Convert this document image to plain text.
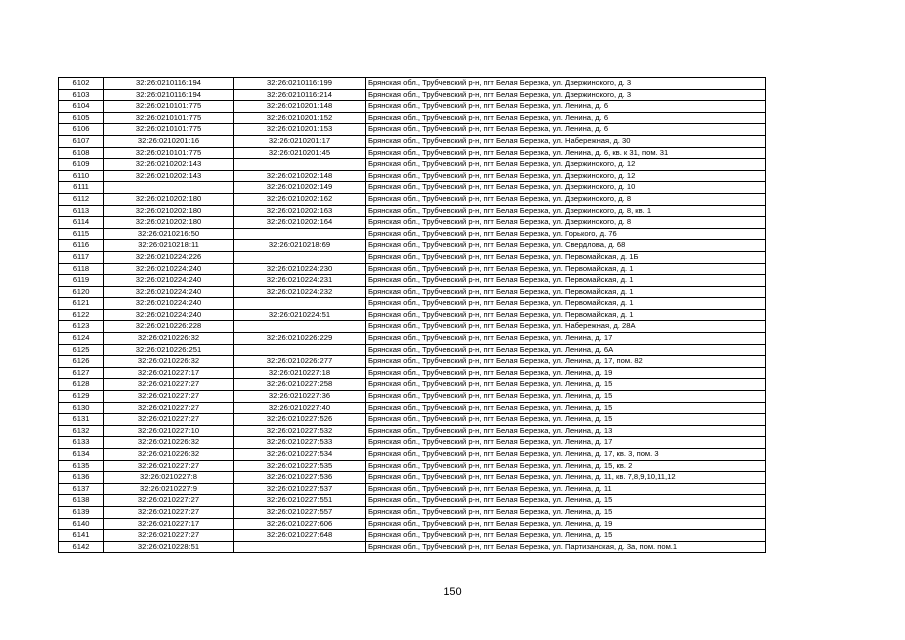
6102	32:26:0210116:194	32:26:0210116:199	Брянская обл., Трубчевский р-н, пгт Белая Березка, ул. Дзержинского, д. 3
6103	32:26:0210116:194	32:26:0210116:214	Брянская обл., Трубчевский р-н, пгт Белая Березка, ул. Дзержинского, д. 3
6104	32:26:0210101:775	32:26:0210201:148	Брянская обл., Трубчевский р-н, пгт Белая Березка, ул. Ленина, д. 6
6105	32:26:0210101:775	32:26:0210201:152	Брянская обл., Трубчевский р-н, пгт Белая Березка, ул. Ленина, д. 6
6106	32:26:0210101:775	32:26:0210201:153	Брянская обл., Трубчевский р-н, пгт Белая Березка, ул. Ленина, д. 6
6107	32:26:0210201:16	32:26:0210201:17	Брянская обл., Трубчевский р-н, пгт Белая Березка, ул. Набережная, д. 30
6108	32:26:0210101:775	32:26:0210201:45	Брянская обл., Трубчевский р-н, пгт Белая Березка, ул. Ленина, д. 6, кв. к 31, пом. 31
6109	32:26:0210202:143		Брянская обл., Трубчевский р-н, пгт Белая Березка, ул. Дзержинского, д. 12
6110	32:26:0210202:143	32:26:0210202:148	Брянская обл., Трубчевский р-н, пгт Белая Березка, ул. Дзержинского, д. 12
6111		32:26:0210202:149	Брянская обл., Трубчевский р-н, пгт Белая Березка, ул. Дзержинского, д. 10
6112	32:26:0210202:180	32:26:0210202:162	Брянская обл., Трубчевский р-н, пгт Белая Березка, ул. Дзержинского, д. 8
6113	32:26:0210202:180	32:26:0210202:163	Брянская обл., Трубчевский р-н, пгт Белая Березка, ул. Дзержинского, д. 8, кв. 1
6114	32:26:0210202:180	32:26:0210202:164	Брянская обл., Трубчевский р-н, пгт Белая Березка, ул. Дзержинского, д. 8
6115	32:26:0210216:50		Брянская обл., Трубчевский р-н, пгт Белая Березка, ул. Горького, д. 76
6116	32:26:0210218:11	32:26:0210218:69	Брянская обл., Трубчевский р-н, пгт Белая Березка, ул. Свердлова, д. 68
6117	32:26:0210224:226		Брянская обл., Трубчевский р-н, пгт Белая Березка, ул. Первомайская, д. 1Б
6118	32:26:0210224:240	32:26:0210224:230	Брянская обл., Трубчевский р-н, пгт Белая Березка, ул. Первомайская, д. 1
6119	32:26:0210224:240	32:26:0210224:231	Брянская обл., Трубчевский р-н, пгт Белая Березка, ул. Первомайская, д. 1
6120	32:26:0210224:240	32:26:0210224:232	Брянская обл., Трубчевский р-н, пгт Белая Березка, ул. Первомайская, д. 1
6121	32:26:0210224:240		Брянская обл., Трубчевский р-н, пгт Белая Березка, ул. Первомайская, д. 1
6122	32:26:0210224:240	32:26:0210224:51	Брянская обл., Трубчевский р-н, пгт Белая Березка, ул. Первомайская, д. 1
6123	32:26:0210226:228		Брянская обл., Трубчевский р-н, пгт Белая Березка, ул. Набережная, д. 28А
6124	32:26:0210226:32	32:26:0210226:229	Брянская обл., Трубчевский р-н, пгт Белая Березка, ул. Ленина, д. 17
6125	32:26:0210226:251		Брянская обл., Трубчевский р-н, пгт Белая Березка, ул. Ленина, д. 6А
6126	32:26:0210226:32	32:26:0210226:277	Брянская обл., Трубчевский р-н, пгт Белая Березка, ул. Ленина, д. 17, пом. 82
6127	32:26:0210227:17	32:26:0210227:18	Брянская обл., Трубчевский р-н, пгт Белая Березка, ул. Ленина, д. 19
6128	32:26:0210227:27	32:26:0210227:258	Брянская обл., Трубчевский р-н, пгт Белая Березка, ул. Ленина, д. 15
6129	32:26:0210227:27	32:26:0210227:36	Брянская обл., Трубчевский р-н, пгт Белая Березка, ул. Ленина, д. 15
6130	32:26:0210227:27	32:26:0210227:40	Брянская обл., Трубчевский р-н, пгт Белая Березка, ул. Ленина, д. 15
6131	32:26:0210227:27	32:26:0210227:526	Брянская обл., Трубчевский р-н, пгт Белая Березка, ул. Ленина, д. 15
6132	32:26:0210227:10	32:26:0210227:532	Брянская обл., Трубчевский р-н, пгт Белая Березка, ул. Ленина, д. 13
6133	32:26:0210226:32	32:26:0210227:533	Брянская обл., Трубчевский р-н, пгт Белая Березка, ул. Ленина, д. 17
6134	32:26:0210226:32	32:26:0210227:534	Брянская обл., Трубчевский р-н, пгт Белая Березка, ул. Ленина, д. 17, кв. 3, пом. 3
6135	32:26:0210227:27	32:26:0210227:535	Брянская обл., Трубчевский р-н, пгт Белая Березка, ул. Ленина, д. 15, кв. 2
6136	32:26:0210227:8	32:26:0210227:536	Брянская обл., Трубчевский р-н, пгт Белая Березка, ул. Ленина, д. 11, кв. 7,8,9,10,11,12
6137	32:26:0210227:9	32:26:0210227:537	Брянская обл., Трубчевский р-н, пгт Белая Березка, ул. Ленина, д. 11
6138	32:26:0210227:27	32:26:0210227:551	Брянская обл., Трубчевский р-н, пгт Белая Березка, ул. Ленина, д. 15
6139	32:26:0210227:27	32:26:0210227:557	Брянская обл., Трубчевский р-н, пгт Белая Березка, ул. Ленина, д. 15
6140	32:26:0210227:17	32:26:0210227:606	Брянская обл., Трубчевский р-н, пгт Белая Березка, ул. Ленина, д. 19
6141	32:26:0210227:27	32:26:0210227:648	Брянская обл., Трубчевский р-н, пгт Белая Березка, ул. Ленина, д. 15
6142	32:26:0210228:51		Брянская обл., Трубчевский р-н, пгт Белая Березка, ул. Партизанская, д. 3а, пом. пом.1
150
